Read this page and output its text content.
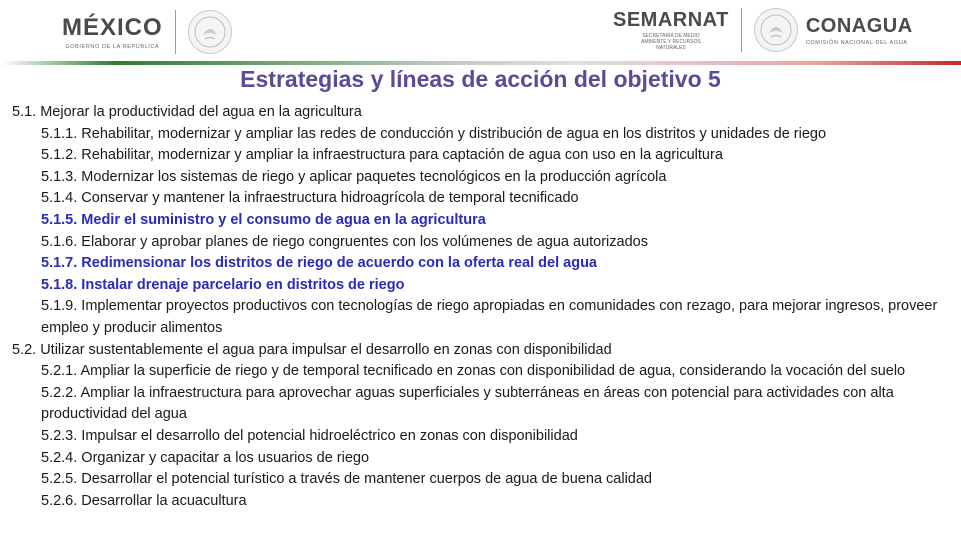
MÉXICO
GOBIERNO DE LA REPÚBLICA
SEMARNAT
SECRETARÍA DE MEDIO AMBIENTE Y RECURSOS NATURALES
CONAGUA
COMISIÓN NACIONAL DEL AGUA
Estrategias y líneas de acción del objetivo 5
5.1. Mejorar la productividad del agua en la agricultura
5.1.1. Rehabilitar, modernizar y ampliar las redes de conducción y distribución de agua en los distritos y unidades de riego
5.1.2. Rehabilitar, modernizar y ampliar la infraestructura para captación de agua con uso en la agricultura
5.1.3. Modernizar los sistemas de riego y aplicar paquetes tecnológicos en la producción agrícola
5.1.4. Conservar y mantener la infraestructura hidroagrícola de temporal tecnificado
5.1.5. Medir el suministro y el consumo de agua en la agricultura
5.1.6. Elaborar y aprobar planes de riego congruentes con los volúmenes de agua autorizados
5.1.7. Redimensionar los distritos de riego de acuerdo con la oferta real del agua
5.1.8. Instalar drenaje parcelario en distritos de riego
5.1.9. Implementar proyectos productivos con tecnologías de riego apropiadas en comunidades con rezago, para mejorar ingresos, proveer empleo y producir alimentos
5.2. Utilizar sustentablemente el agua para impulsar el desarrollo en zonas con disponibilidad
5.2.1. Ampliar la superficie de riego y de temporal tecnificado en zonas con disponibilidad de agua, considerando la vocación del suelo
5.2.2. Ampliar la infraestructura para aprovechar aguas superficiales y subterráneas en áreas con potencial para actividades con alta productividad del agua
5.2.3. Impulsar el desarrollo del potencial hidroeléctrico en zonas con disponibilidad
5.2.4. Organizar y capacitar a los usuarios de riego
5.2.5. Desarrollar el potencial turístico a través de mantener cuerpos de agua de buena calidad
5.2.6. Desarrollar la acuacultura
